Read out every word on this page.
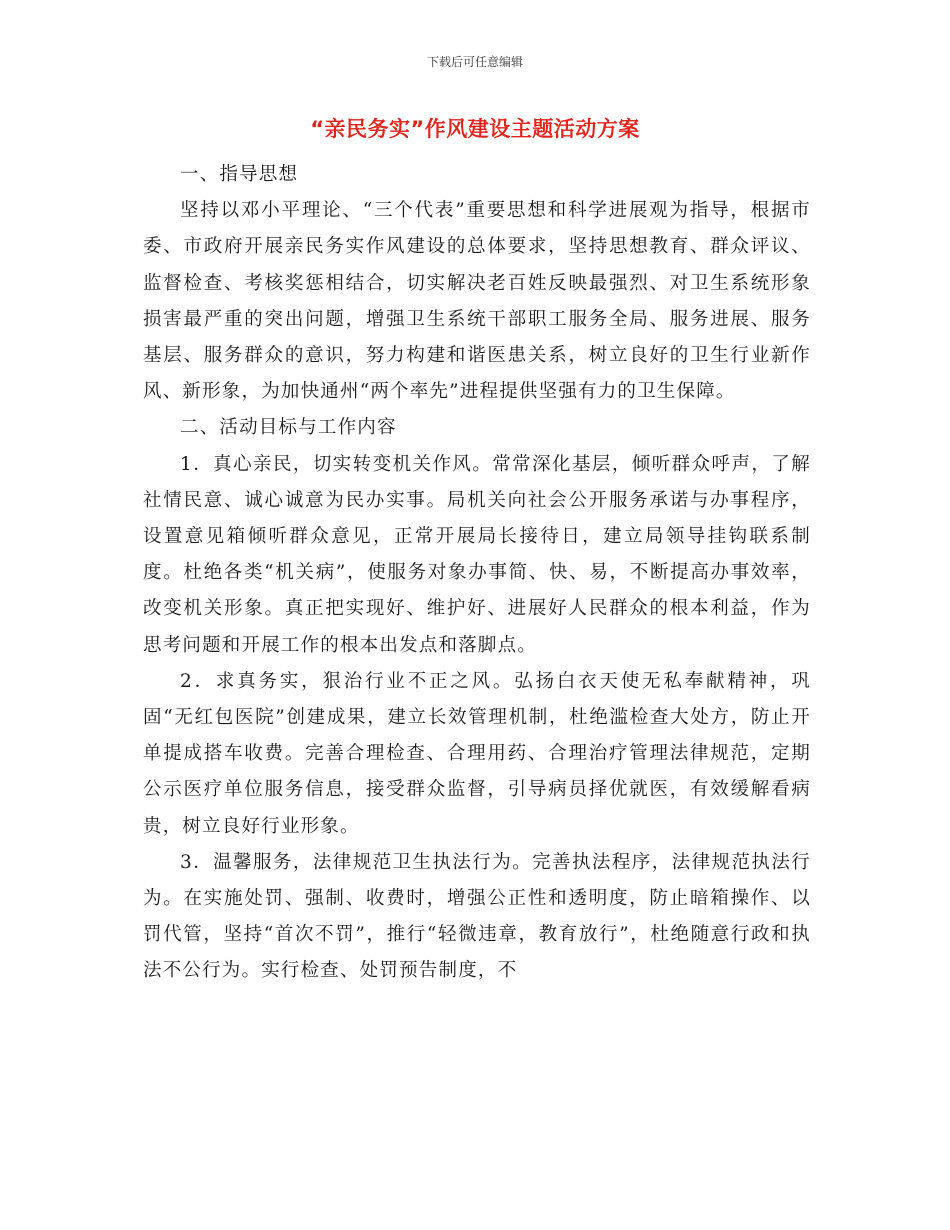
下载后可任意编辑
“亲民务实”作风建设主题活动方案

一、指导思想

坚持以邓小平理论、“三个代表”重要思想和科学进展观为指导，根据市委、市政府开展亲民务实作风建设的总体要求，坚持思想教育、群众评议、监督检查、考核奖惩相结合，切实解决老百姓反映最强烈、对卫生系统形象损害最严重的突出问题，增强卫生系统干部职工服务全局、服务进展、服务基层、服务群众的意识，努力构建和谐医患关系，树立良好的卫生行业新作风、新形象，为加快通州“两个率先”进程提供坚强有力的卫生保障。

二、活动目标与工作内容

1．真心亲民，切实转变机关作风。常常深化基层，倾听群众呼声，了解社情民意、诚心诚意为民办实事。局机关向社会公开服务承诺与办事程序，设置意见箱倾听群众意见，正常开展局长接待日，建立局领导挂钩联系制度。杜绝各类“机关病”，使服务对象办事简、快、易，不断提高办事效率，改变机关形象。真正把实现好、维护好、进展好人民群众的根本利益，作为思考问题和开展工作的根本出发点和落脚点。

2．求真务实，狠治行业不正之风。弘扬白衣天使无私奉献精神，巩固“无红包医院”创建成果，建立长效管理机制，杜绝滥检查大处方，防止开单提成搭车收费。完善合理检查、合理用药、合理治疗管理法律规范，定期公示医疗单位服务信息，接受群众监督，引导病员择优就医，有效缓解看病贵，树立良好行业形象。

3．温馨服务，法律规范卫生执法行为。完善执法程序，法律规范执法行为。在实施处罚、强制、收费时，增强公正性和透明度，防止暗箱操作、以罚代管，坚持“首次不罚”，推行“轻微违章，教育放行”，杜绝随意行政和执法不公行为。实行检查、处罚预告制度，不
